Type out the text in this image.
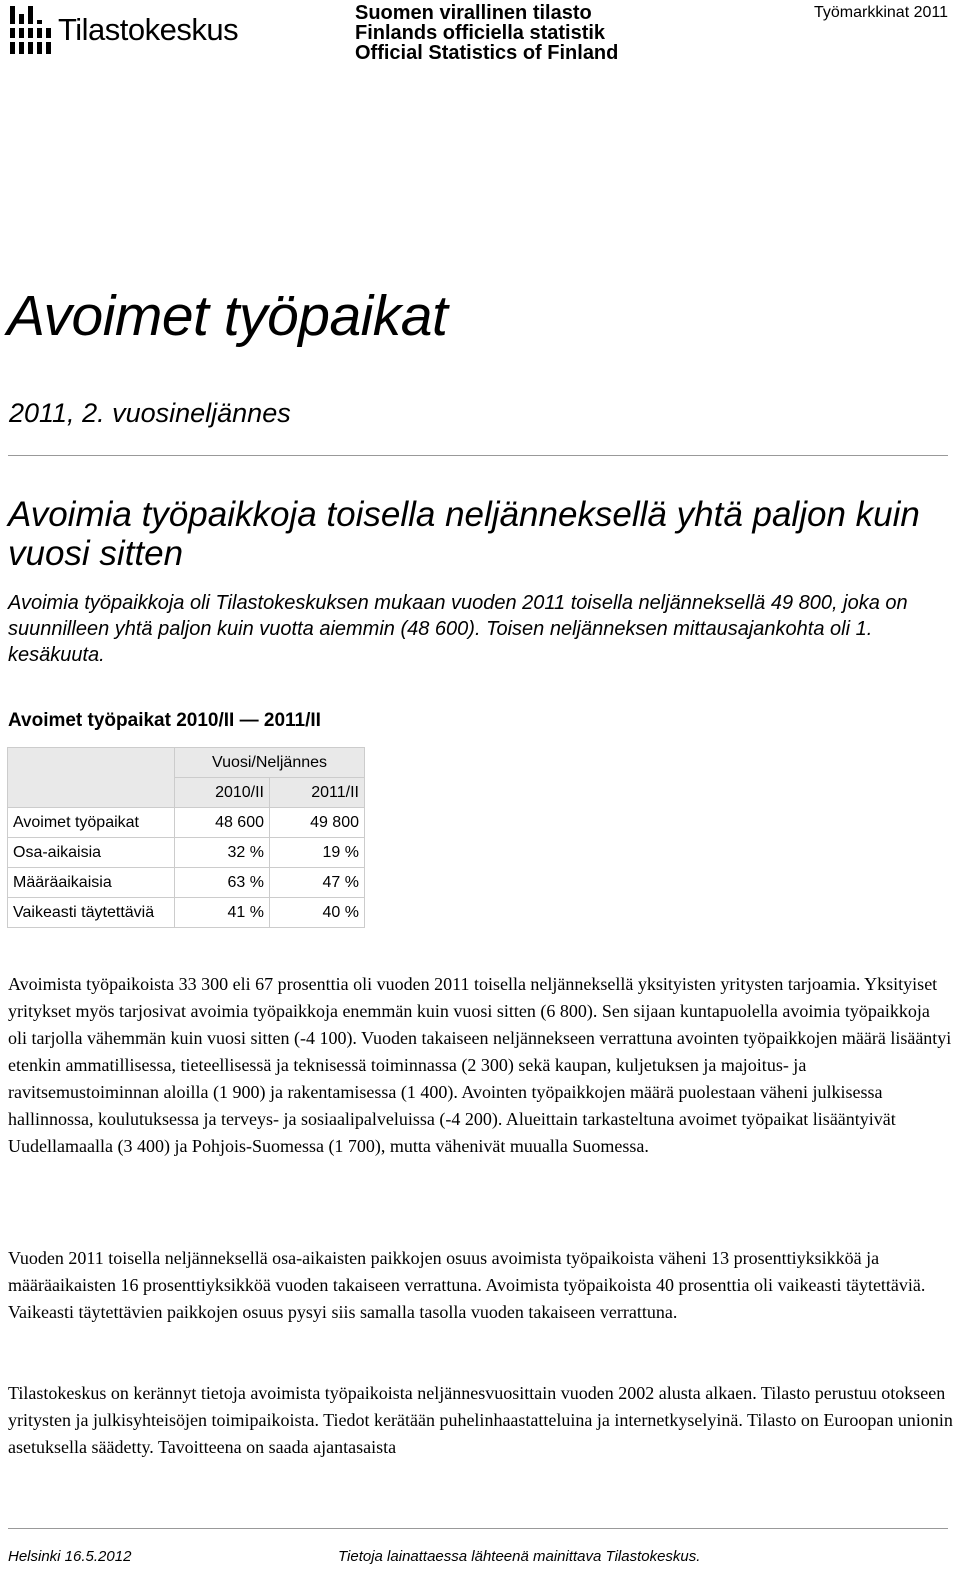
Tilastokeskus	Suomen virallinen tilasto
Finlands officiella statistik
Official Statistics of Finland
Työmarkkinat 2011
Avoimet työpaikat
2011, 2. vuosineljännes
Avoimia työpaikkoja toisella neljänneksellä yhtä paljon kuin vuosi sitten
Avoimia työpaikkoja oli Tilastokeskuksen mukaan vuoden 2011 toisella neljänneksellä 49 800, joka on suunnilleen yhtä paljon kuin vuotta aiemmin (48 600). Toisen neljänneksen mittausajankohta oli 1. kesäkuuta.
Avoimet työpaikat 2010/II — 2011/II
	Vuosi/Neljännes	
	2010/II	2011/II
Avoimet työpaikat	48 600	49 800
Osa-aikaisia	32 %	19 %
Määräaikaisia	63 %	47 %
Vaikeasti täytettäviä	41 %	40 %

Avoimista työpaikoista 33 300 eli 67 prosenttia oli vuoden 2011 toisella neljänneksellä yksityisten yritysten tarjoamia. Yksityiset yritykset myös tarjosivat avoimia työpaikkoja enemmän kuin vuosi sitten (6 800). Sen sijaan kuntapuolella avoimia työpaikkoja oli tarjolla vähemmän kuin vuosi sitten (-4 100). Vuoden takaiseen neljännekseen verrattuna avointen työpaikkojen määrä lisääntyi etenkin ammatillisessa, tieteellisessä ja teknisessä toiminnassa (2 300) sekä kaupan, kuljetuksen ja majoitus- ja ravitsemustoiminnan aloilla (1 900) ja rakentamisessa (1 400). Avointen työpaikkojen määrä puolestaan väheni julkisessa hallinnossa, koulutuksessa ja terveys- ja sosiaalipalveluissa (-4 200). Alueittain tarkasteltuna avoimet työpaikat lisääntyivät Uudellamaalla (3 400) ja Pohjois-Suomessa (1 700), mutta vähenivät muualla Suomessa.

Vuoden 2011 toisella neljänneksellä osa-aikaisten paikkojen osuus avoimista työpaikoista väheni 13 prosenttiyksikköä ja määräaikaisten 16 prosenttiyksikköä vuoden takaiseen verrattuna. Avoimista työpaikoista 40 prosenttia oli vaikeasti täytettäviä. Vaikeasti täytettävien paikkojen osuus pysyi siis samalla tasolla vuoden takaiseen verrattuna.

Tilastokeskus on kerännyt tietoja avoimista työpaikoista neljännesvuosittain vuoden 2002 alusta alkaen. Tilasto perustuu otokseen yritysten ja julkisyhteisöjen toimipaikoista. Tiedot kerätään puhelinhaastatteluina ja internetkyselyinä. Tilasto on Euroopan unionin asetuksella säädetty. Tavoitteena on saada ajantasaista

Helsinki 16.5.2012	Tietoja lainattaessa lähteenä mainittava Tilastokeskus.
